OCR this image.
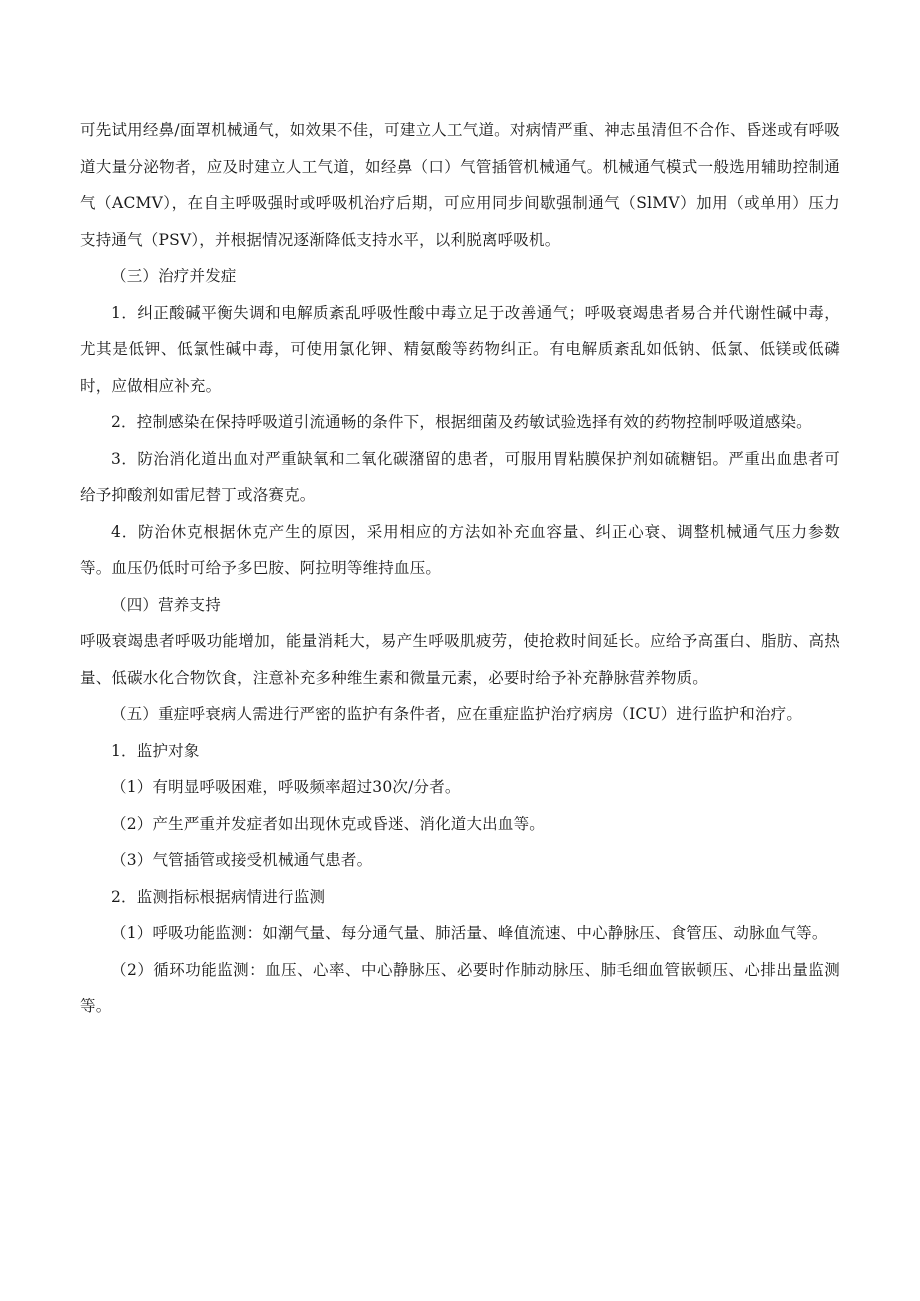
可先试用经鼻/面罩机械通气，如效果不佳，可建立人工气道。对病情严重、神志虽清但不合作、昏迷或有呼吸道大量分泌物者，应及时建立人工气道，如经鼻（口）气管插管机械通气。机械通气模式一般选用辅助控制通气（ACMV），在自主呼吸强时或呼吸机治疗后期，可应用同步间歇强制通气（SlMV）加用（或单用）压力支持通气（PSV），并根据情况逐渐降低支持水平，以利脱离呼吸机。

（三）治疗并发症

1．纠正酸碱平衡失调和电解质紊乱呼吸性酸中毒立足于改善通气；呼吸衰竭患者易合并代谢性碱中毒，尤其是低钾、低氯性碱中毒，可使用氯化钾、精氨酸等药物纠正。有电解质紊乱如低钠、低氯、低镁或低磷时，应做相应补充。

2．控制感染在保持呼吸道引流通畅的条件下，根据细菌及药敏试验选择有效的药物控制呼吸道感染。

3．防治消化道出血对严重缺氧和二氧化碳潴留的患者，可服用胃粘膜保护剂如硫糖铝。严重出血患者可给予抑酸剂如雷尼替丁或洛赛克。

4．防治休克根据休克产生的原因，采用相应的方法如补充血容量、纠正心衰、调整机械通气压力参数等。血压仍低时可给予多巴胺、阿拉明等维持血压。

（四）营养支持

呼吸衰竭患者呼吸功能增加，能量消耗大，易产生呼吸肌疲劳，使抢救时间延长。应给予高蛋白、脂肪、高热量、低碳水化合物饮食，注意补充多种维生素和微量元素，必要时给予补充静脉营养物质。

（五）重症呼衰病人需进行严密的监护有条件者，应在重症监护治疗病房（ICU）进行监护和治疗。

1．监护对象

（1）有明显呼吸困难，呼吸频率超过30次/分者。

（2）产生严重并发症者如出现休克或昏迷、消化道大出血等。

（3）气管插管或接受机械通气患者。

2．监测指标根据病情进行监测

（1）呼吸功能监测：如潮气量、每分通气量、肺活量、峰值流速、中心静脉压、食管压、动脉血气等。

（2）循环功能监测：血压、心率、中心静脉压、必要时作肺动脉压、肺毛细血管嵌顿压、心排出量监测等。
